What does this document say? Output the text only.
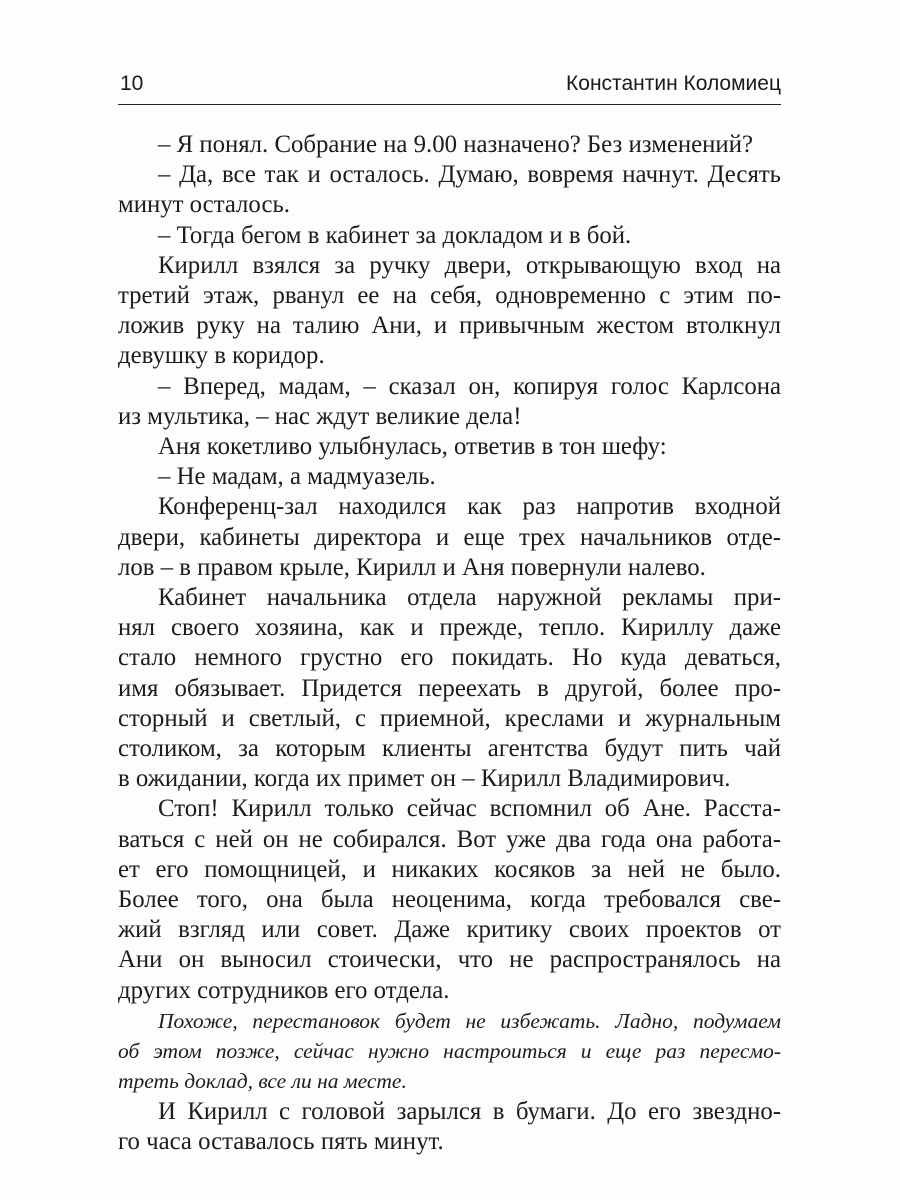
10	Константин Коломиец
– Я понял. Собрание на 9.00 назначено? Без изменений?
– Да, все так и осталось. Думаю, вовремя начнут. Десять
минут осталось.
– Тогда бегом в кабинет за докладом и в бой.
Кирилл взялся за ручку двери, открывающую вход на
третий этаж, рванул ее на себя, одновременно с этим по-
ложив руку на талию Ани, и привычным жестом втолкнул
девушку в коридор.
– Вперед, мадам, – сказал он, копируя голос Карлсона
из мультика, – нас ждут великие дела!
Аня кокетливо улыбнулась, ответив в тон шефу:
– Не мадам, а мадмуазель.
Конференц-зал находился как раз напротив входной
двери, кабинеты директора и еще трех начальников отде-
лов – в правом крыле, Кирилл и Аня повернули налево.
Кабинет начальника отдела наружной рекламы при-
нял своего хозяина, как и прежде, тепло. Кириллу даже
стало немного грустно его покидать. Но куда деваться,
имя обязывает. Придется переехать в другой, более про-
сторный и светлый, с приемной, креслами и журнальным
столиком, за которым клиенты агентства будут пить чай
в ожидании, когда их примет он – Кирилл Владимирович.
Стоп! Кирилл только сейчас вспомнил об Ане. Расста-
ваться с ней он не собирался. Вот уже два года она работа-
ет его помощницей, и никаких косяков за ней не было.
Более того, она была неоценима, когда требовался све-
жий взгляд или совет. Даже критику своих проектов от
Ани он выносил стоически, что не распространялось на
других сотрудников его отдела.
Похоже, перестановок будет не избежать. Ладно, подумаем
об этом позже, сейчас нужно настроиться и еще раз пересмо-
треть доклад, все ли на месте.
И Кирилл с головой зарылся в бумаги. До его звездно-
го часа оставалось пять минут.
